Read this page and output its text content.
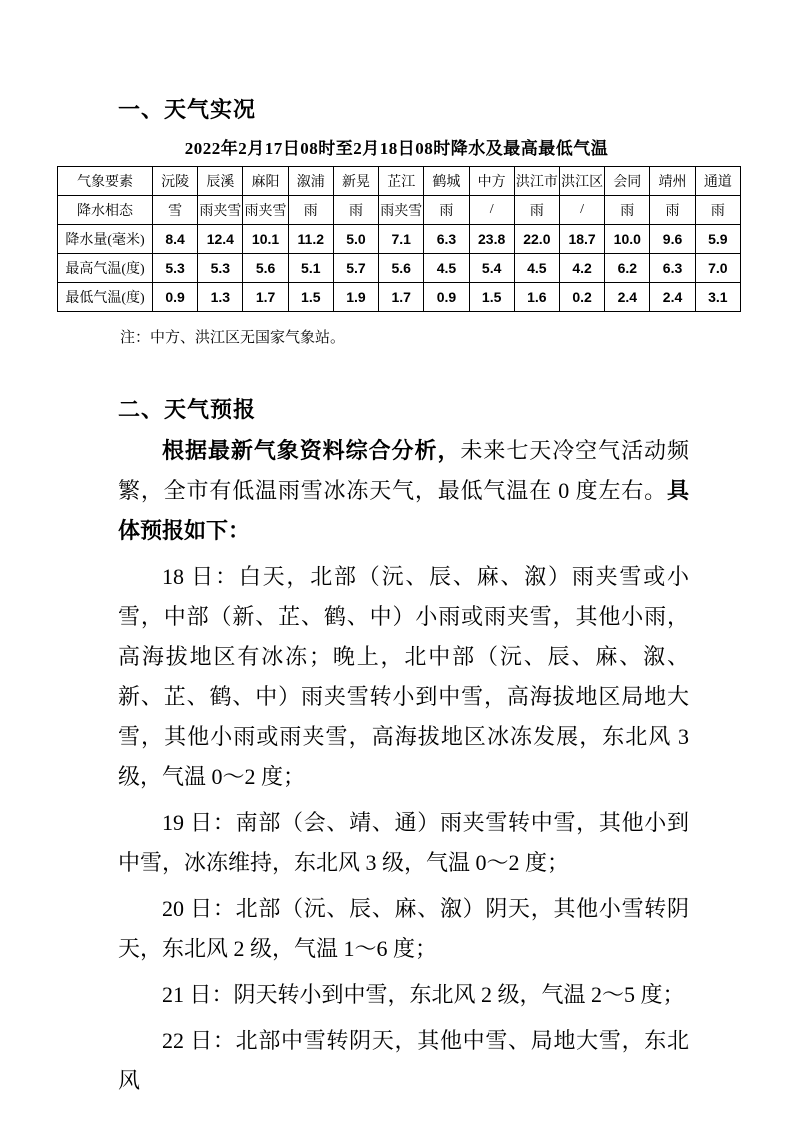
一、天气实况
2022年2月17日08时至2月18日08时降水及最高最低气温
气象要素	沅陵	辰溪	麻阳	溆浦	新晃	芷江	鹤城	中方	洪江市	洪江区	会同	靖州	通道
降水相态	雪	雨夹雪	雨夹雪	雨	雨	雨夹雪	雨	/	雨	/	雨	雨	雨
降水量(毫米)	8.4	12.4	10.1	11.2	5.0	7.1	6.3	23.8	22.0	18.7	10.0	9.6	5.9
最高气温(度)	5.3	5.3	5.6	5.1	5.7	5.6	4.5	5.4	4.5	4.2	6.2	6.3	7.0
最低气温(度)	0.9	1.3	1.7	1.5	1.9	1.7	0.9	1.5	1.6	0.2	2.4	2.4	3.1
注：中方、洪江区无国家气象站。
二、天气预报

根据最新气象资料综合分析，未来七天冷空气活动频繁，全市有低温雨雪冰冻天气，最低气温在 0 度左右。具体预报如下：

18 日：白天，北部（沅、辰、麻、溆）雨夹雪或小雪，中部（新、芷、鹤、中）小雨或雨夹雪，其他小雨，高海拔地区有冰冻；晚上，北中部（沅、辰、麻、溆、新、芷、鹤、中）雨夹雪转小到中雪，高海拔地区局地大雪，其他小雨或雨夹雪，高海拔地区冰冻发展，东北风 3 级，气温 0～2 度；

19 日：南部（会、靖、通）雨夹雪转中雪，其他小到中雪，冰冻维持，东北风 3 级，气温 0～2 度；

20 日：北部（沅、辰、麻、溆）阴天，其他小雪转阴天，东北风 2 级，气温 1～6 度；

21 日：阴天转小到中雪，东北风 2 级，气温 2～5 度；

22 日：北部中雪转阴天，其他中雪、局地大雪，东北风
